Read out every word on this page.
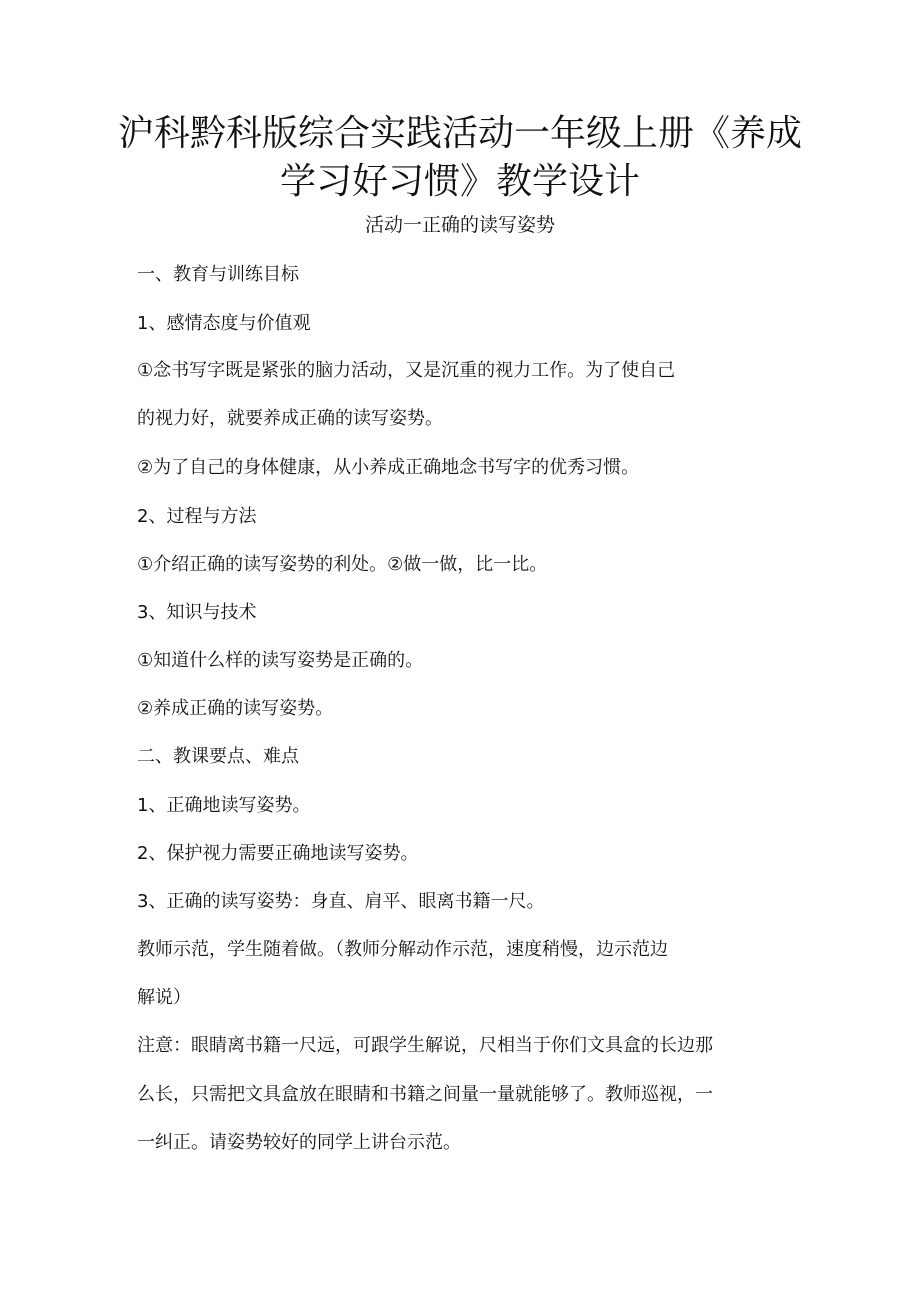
沪科黔科版综合实践活动一年级上册《养成
学习好习惯》教学设计
活动一正确的读写姿势
一、教育与训练目标
1、感情态度与价值观
①念书写字既是紧张的脑力活动，又是沉重的视力工作。为了使自己
的视力好，就要养成正确的读写姿势。
②为了自己的身体健康，从小养成正确地念书写字的优秀习惯。
2、过程与方法
①介绍正确的读写姿势的利处。②做一做，比一比。
3、知识与技术
①知道什么样的读写姿势是正确的。
②养成正确的读写姿势。
二、教课要点、难点
1、正确地读写姿势。
2、保护视力需要正确地读写姿势。
3、正确的读写姿势：身直、肩平、眼离书籍一尺。
教师示范，学生随着做。（教师分解动作示范，速度稍慢，边示范边
解说）
注意：眼睛离书籍一尺远，可跟学生解说，尺相当于你们文具盒的长边那
么长，只需把文具盒放在眼睛和书籍之间量一量就能够了。教师巡视，一
一纠正。请姿势较好的同学上讲台示范。
